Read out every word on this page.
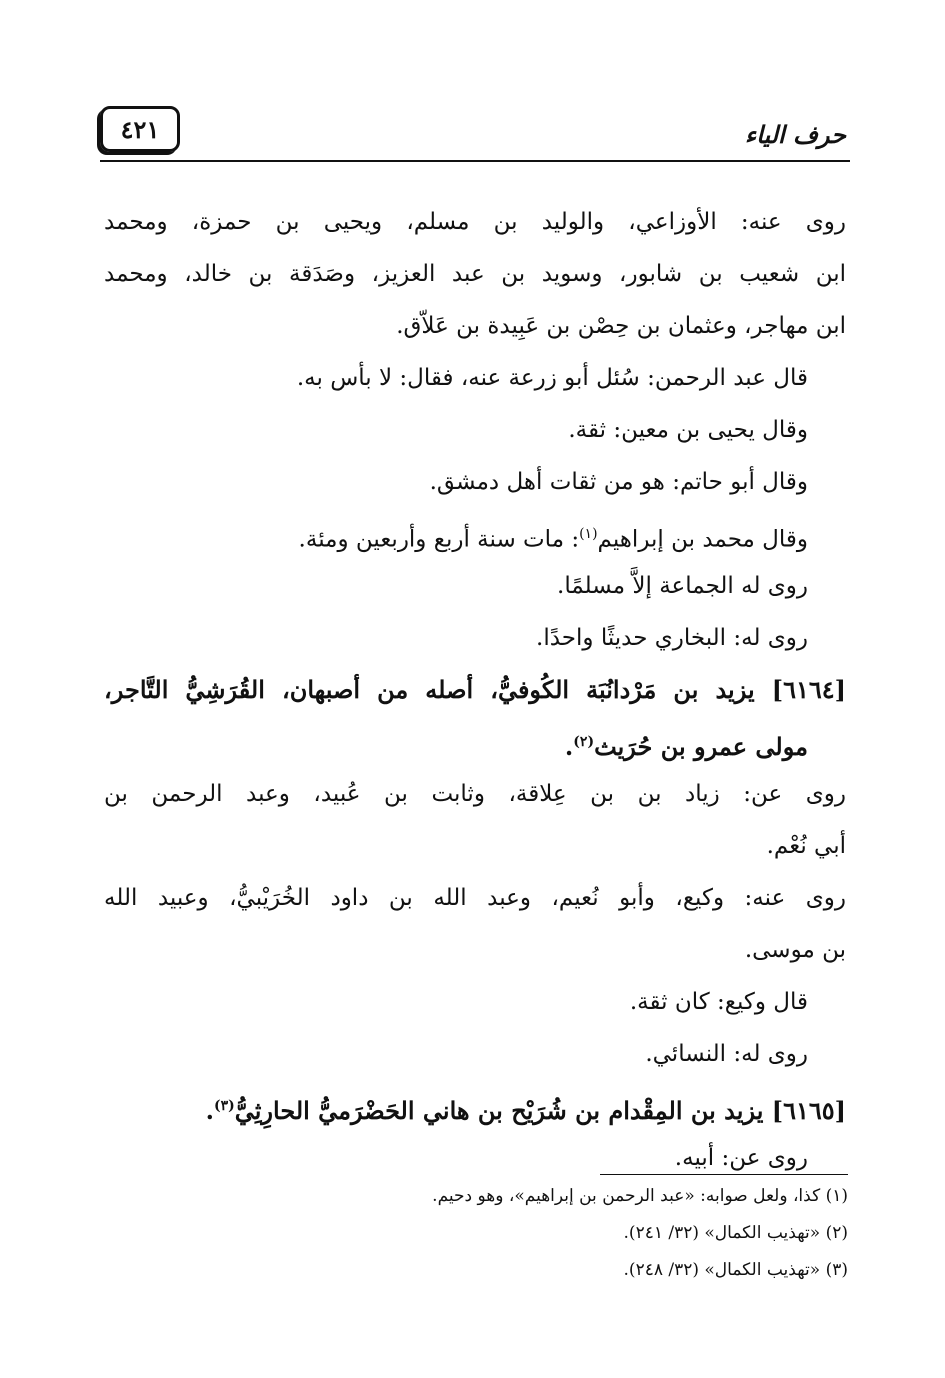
٤٢١	حرف الياء
روى عنه: الأوزاعي، والوليد بن مسلم، ويحيى بن حمزة، ومحمد
ابن شعيب بن شابور، وسويد بن عبد العزيز، وصَدَقة بن خالد، ومحمد
ابن مهاجر، وعثمان بن حِصْن بن عَبِيدة بن عَلاّق.
قال عبد الرحمن: سُئل أبو زرعة عنه، فقال: لا بأس به.
وقال يحيى بن معين: ثقة.
وقال أبو حاتم: هو من ثقات أهل دمشق.
وقال محمد بن إبراهيم$^{(١)}$: مات سنة أربع وأربعين ومئة.
روى له الجماعة إلاَّ مسلمًا.
روى له: البخاري حديثًا واحدًا.
[٦١٦٤] يزيد بن مَرْدانُبَة الكُوفيُّ، أصله من أصبهان، القُرَشِيُّ التَّاجر،
مولى عمرو بن حُرَيث$^{(٢)}$.
روى عن: زياد بن بن عِلاقة، وثابت بن عُبيد، وعبد الرحمن بن
أبي نُعْم.
روى عنه: وكيع، وأبو نُعيم، وعبد الله بن داود الخُرَيْبيُّ، وعبيد الله
بن موسى.
قال وكيع: كان ثقة.
روى له: النسائي.
[٦١٦٥] يزيد بن المِقْدام بن شُرَيْح بن هاني الحَضْرَميُّ الحارِثِيُّ$^{(٣)}$.
روى عن: أبيه.
(١) كذا، ولعل صوابه: «عبد الرحمن بن إبراهيم»، وهو دحيم.
(٢) «تهذيب الكمال» (٣٢/ ٢٤١).
(٣) «تهذيب الكمال» (٣٢/ ٢٤٨).
